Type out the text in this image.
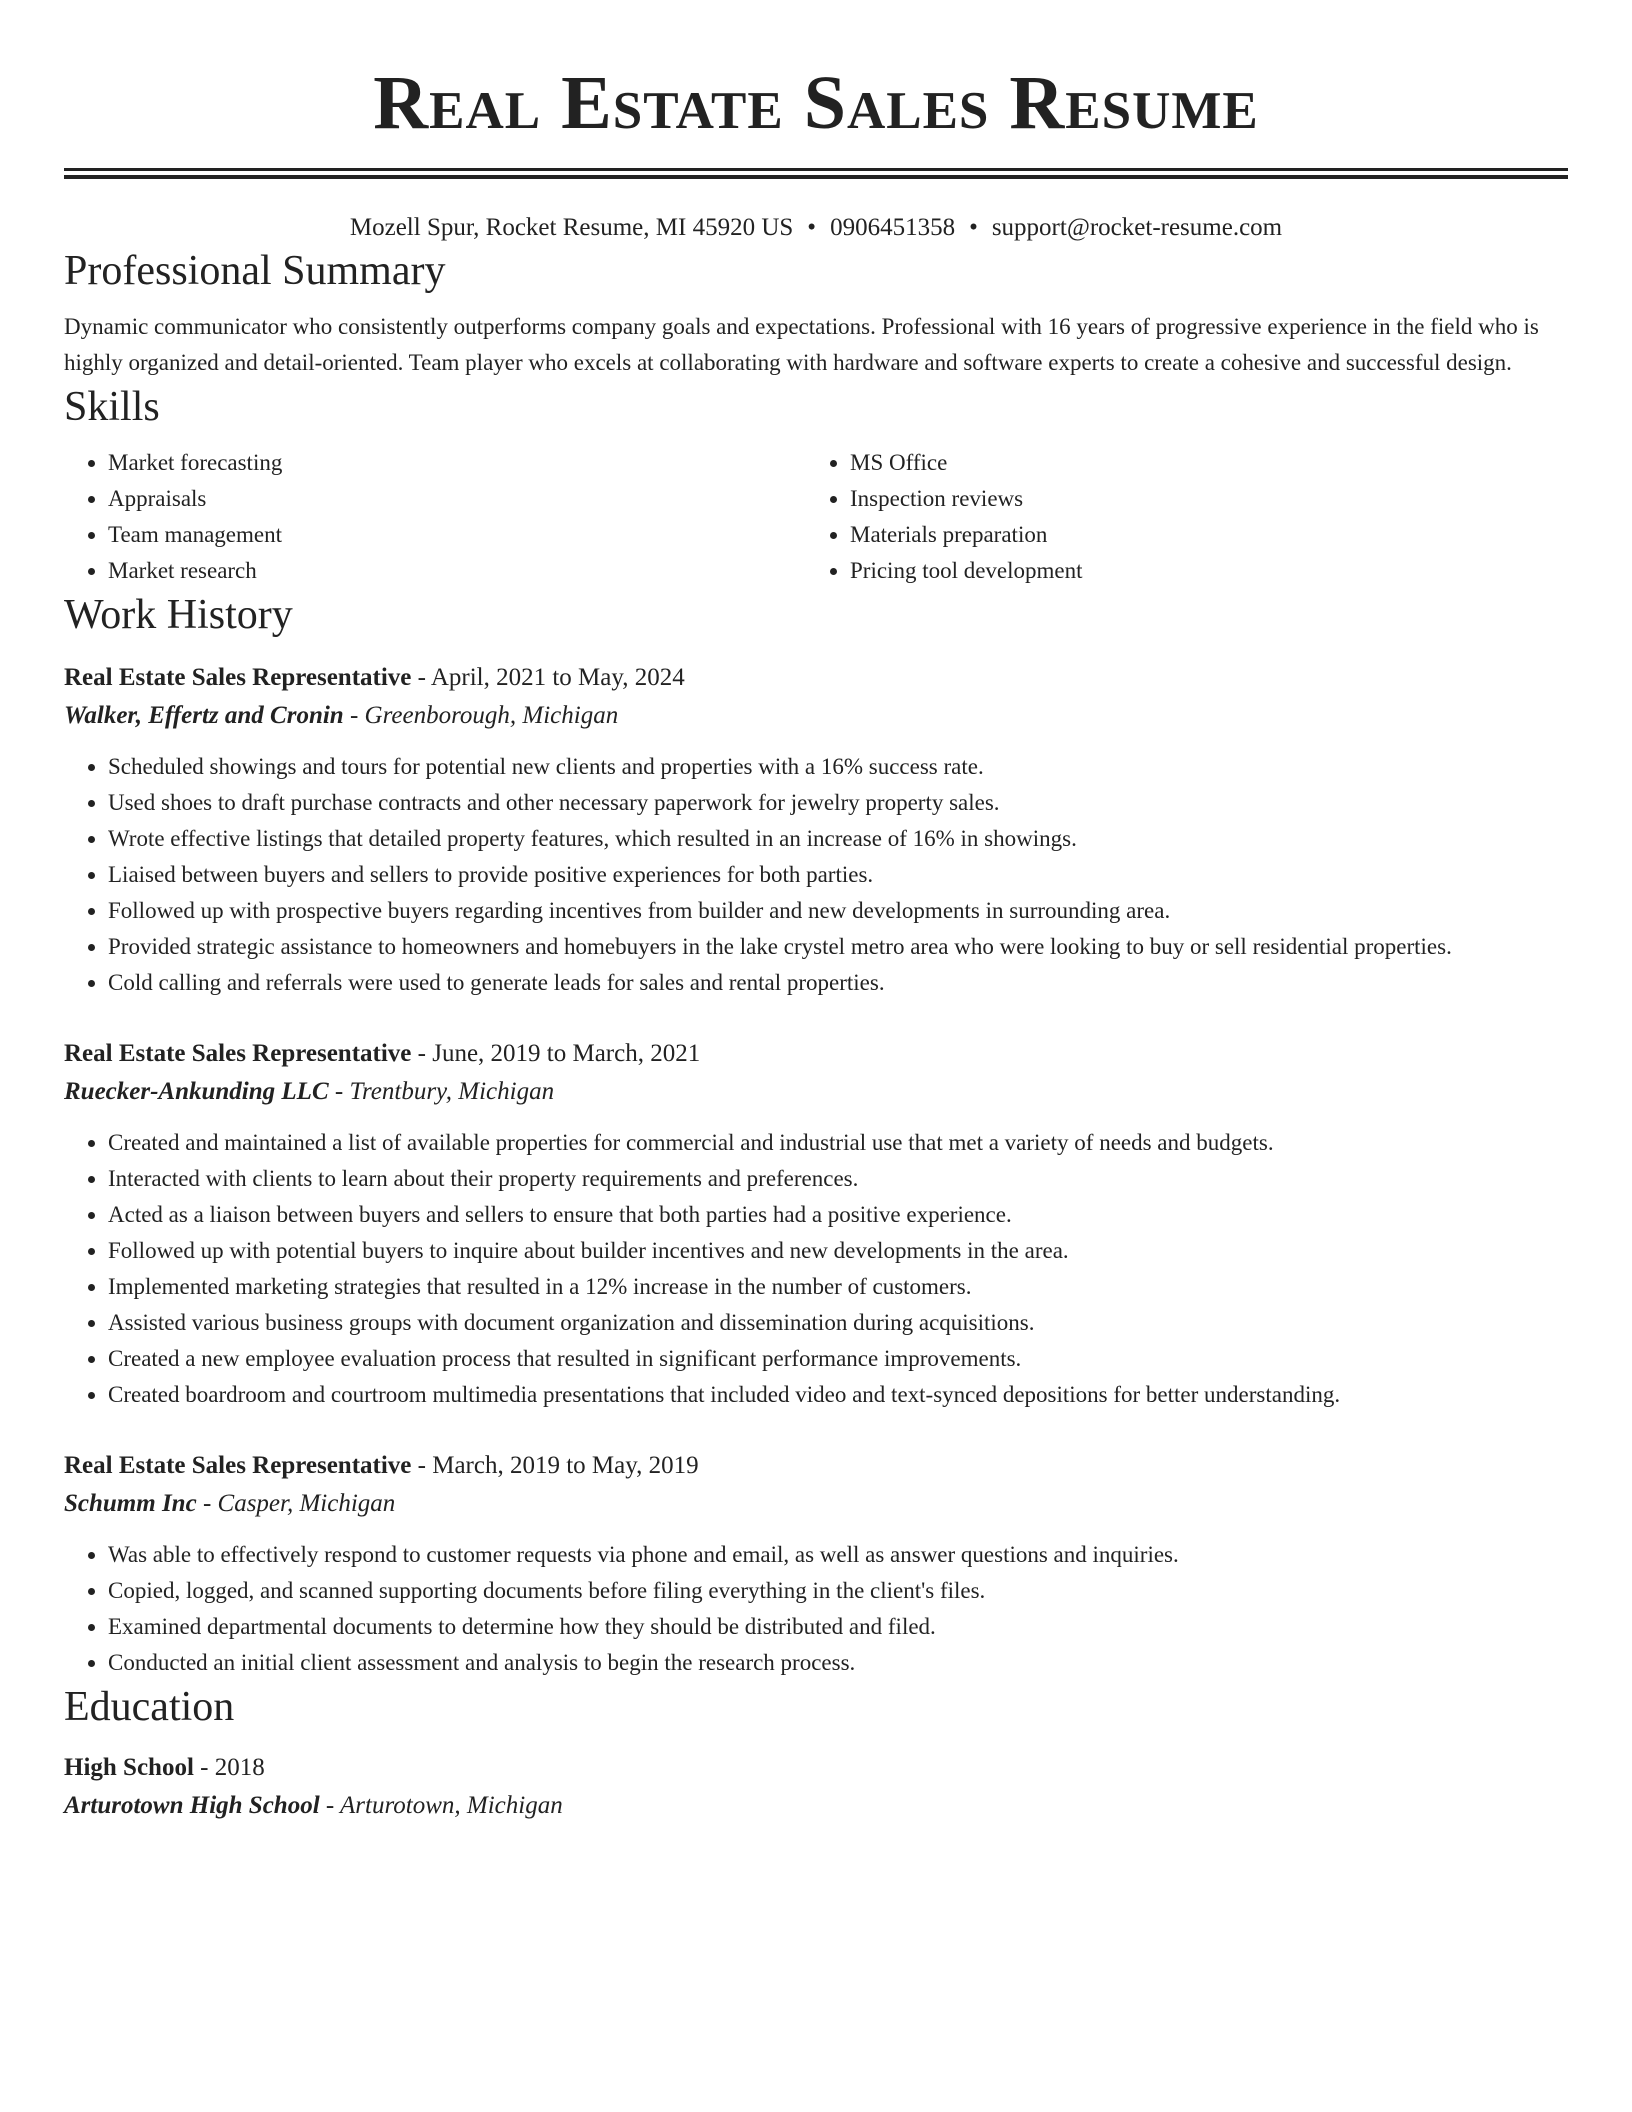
Real Estate Sales Resume
Mozell Spur, Rocket Resume, MI 45920 US • 0906451358 • support@rocket-resume.com
Professional Summary
Dynamic communicator who consistently outperforms company goals and expectations. Professional with 16 years of progressive experience in the field who is highly organized and detail-oriented. Team player who excels at collaborating with hardware and software experts to create a cohesive and successful design.
Skills
• Market forecasting
• Appraisals
• Team management
• Market research
• MS Office
• Inspection reviews
• Materials preparation
• Pricing tool development
Work History
Real Estate Sales Representative - April, 2021 to May, 2024
Walker, Effertz and Cronin - Greenborough, Michigan
• Scheduled showings and tours for potential new clients and properties with a 16% success rate.
• Used shoes to draft purchase contracts and other necessary paperwork for jewelry property sales.
• Wrote effective listings that detailed property features, which resulted in an increase of 16% in showings.
• Liaised between buyers and sellers to provide positive experiences for both parties.
• Followed up with prospective buyers regarding incentives from builder and new developments in surrounding area.
• Provided strategic assistance to homeowners and homebuyers in the lake crystel metro area who were looking to buy or sell residential properties.
• Cold calling and referrals were used to generate leads for sales and rental properties.
Real Estate Sales Representative - June, 2019 to March, 2021
Ruecker-Ankunding LLC - Trentbury, Michigan
• Created and maintained a list of available properties for commercial and industrial use that met a variety of needs and budgets.
• Interacted with clients to learn about their property requirements and preferences.
• Acted as a liaison between buyers and sellers to ensure that both parties had a positive experience.
• Followed up with potential buyers to inquire about builder incentives and new developments in the area.
• Implemented marketing strategies that resulted in a 12% increase in the number of customers.
• Assisted various business groups with document organization and dissemination during acquisitions.
• Created a new employee evaluation process that resulted in significant performance improvements.
• Created boardroom and courtroom multimedia presentations that included video and text-synced depositions for better understanding.
Real Estate Sales Representative - March, 2019 to May, 2019
Schumm Inc - Casper, Michigan
• Was able to effectively respond to customer requests via phone and email, as well as answer questions and inquiries.
• Copied, logged, and scanned supporting documents before filing everything in the client's files.
• Examined departmental documents to determine how they should be distributed and filed.
• Conducted an initial client assessment and analysis to begin the research process.
Education
High School - 2018
Arturotown High School - Arturotown, Michigan
